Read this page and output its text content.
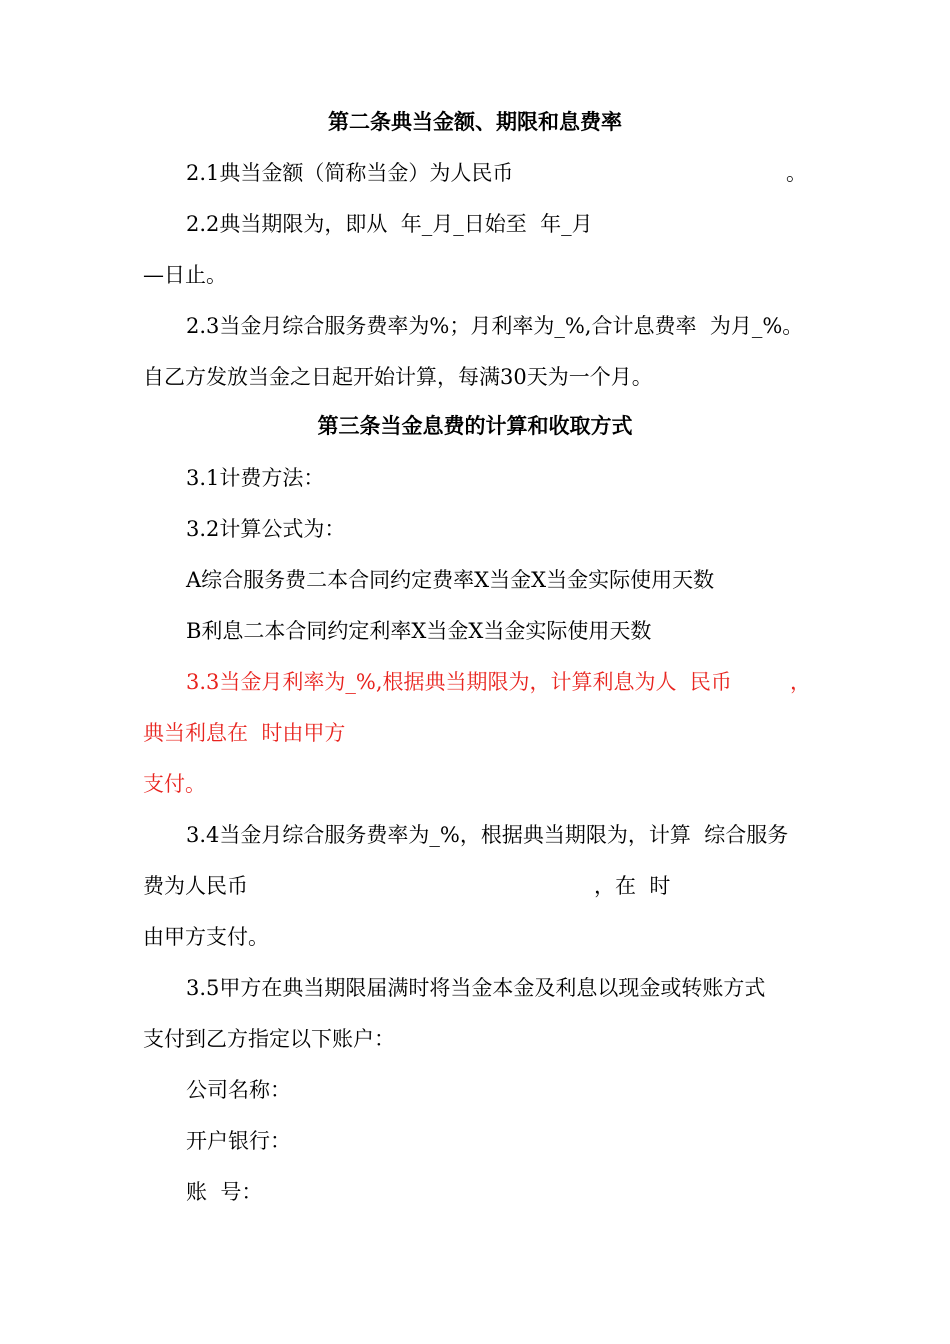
第二条典当金额、期限和息费率
2.1典当金额（简称当金）为人民币	。
2.2典当期限为，即从  年_月_日始至  年_月
—日止。
2.3当金月综合服务费率为%；月利率为_%,合计息费率  为月_%。
自乙方发放当金之日起开始计算，每满30天为一个月。
第三条当金息费的计算和收取方式
3.1计费方法：
3.2计算公式为：
A综合服务费二本合同约定费率X当金X当金实际使用天数
B利息二本合同约定利率X当金X当金实际使用天数
3.3当金月利率为_%,根据典当期限为，计算利息为人  民币	，
典当利息在  时由甲方
支付。
3.4当金月综合服务费率为_%，根据典当期限为，计算  综合服务
费为人民币	，在  时
由甲方支付。
3.5甲方在典当期限届满时将当金本金及利息以现金或转账方式
支付到乙方指定以下账户：
公司名称：
开户银行：
账  号：
